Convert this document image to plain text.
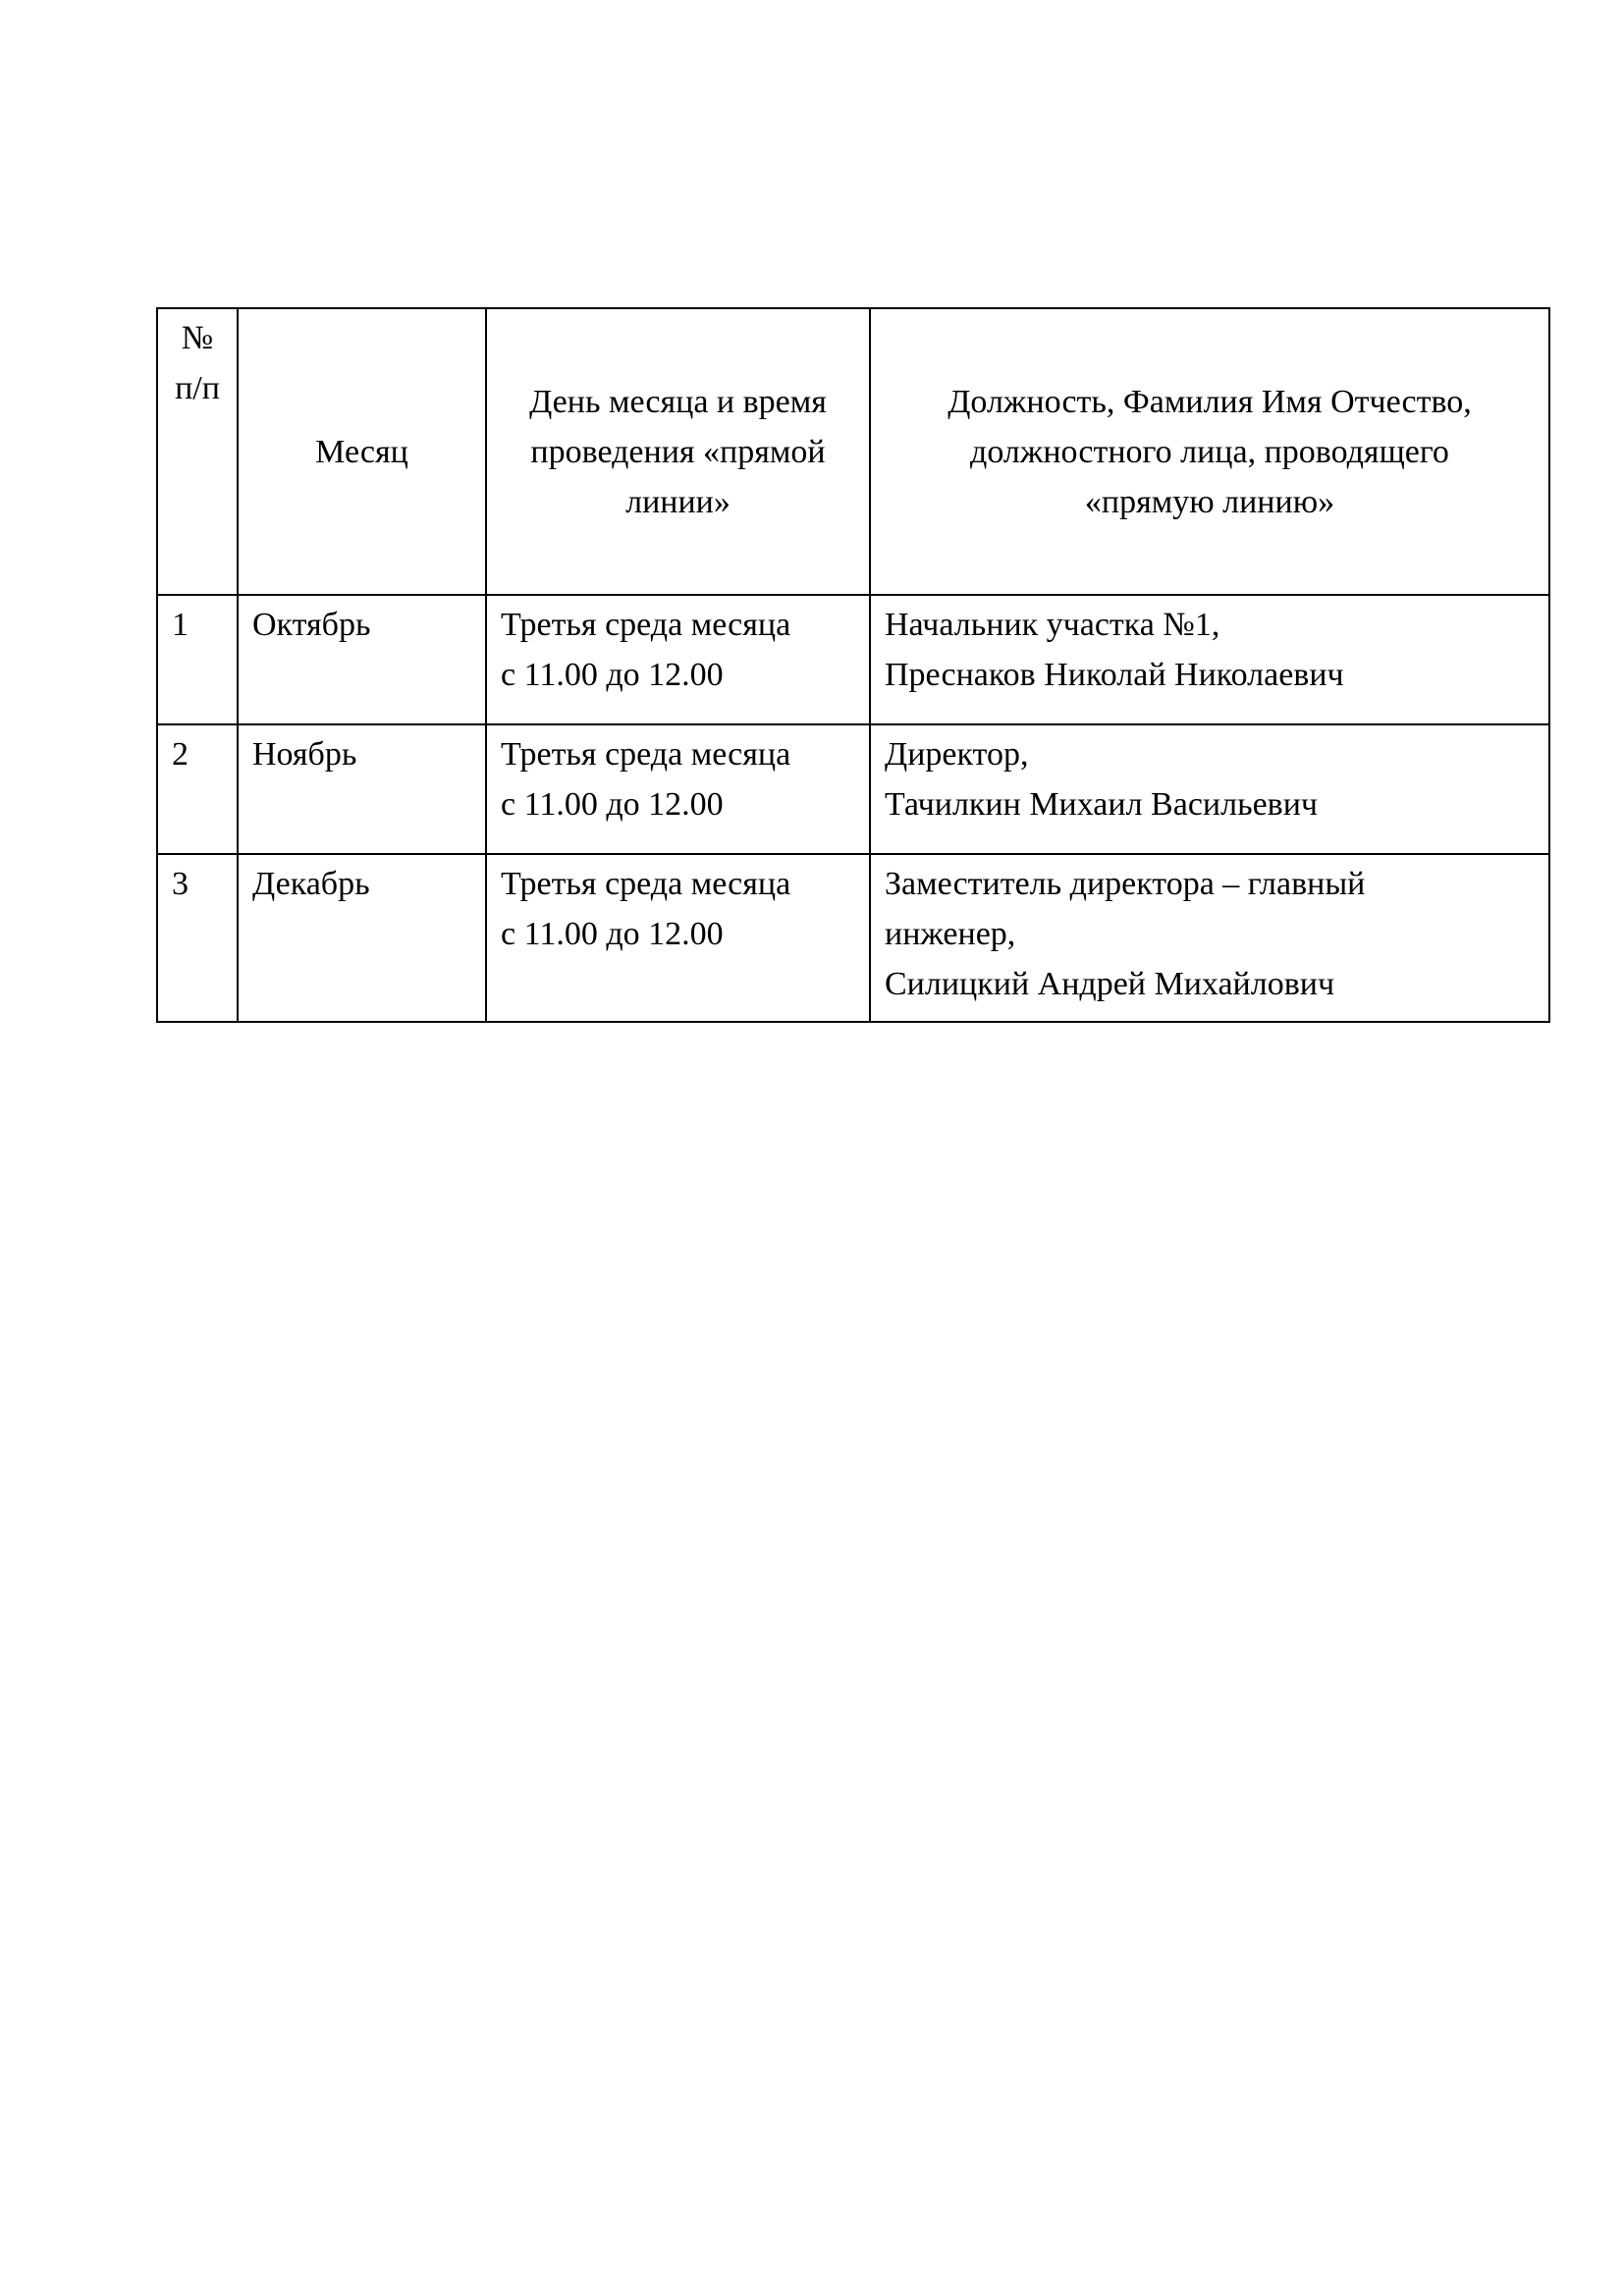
№
п/п	Месяц	День месяца и время
проведения «прямой
линии»	Должность, Фамилия Имя Отчество,
должностного лица, проводящего
«прямую линию»

1	Октябрь	Третья среда месяца
с 11.00 до 12.00	Начальник участка №1,
Преснаков Николай Николаевич

2	Ноябрь	Третья среда месяца
с 11.00 до 12.00	Директор,
Тачилкин Михаил Васильевич

3	Декабрь	Третья среда месяца
с 11.00 до 12.00	Заместитель директора – главный
инженер,
Силицкий Андрей Михайлович
